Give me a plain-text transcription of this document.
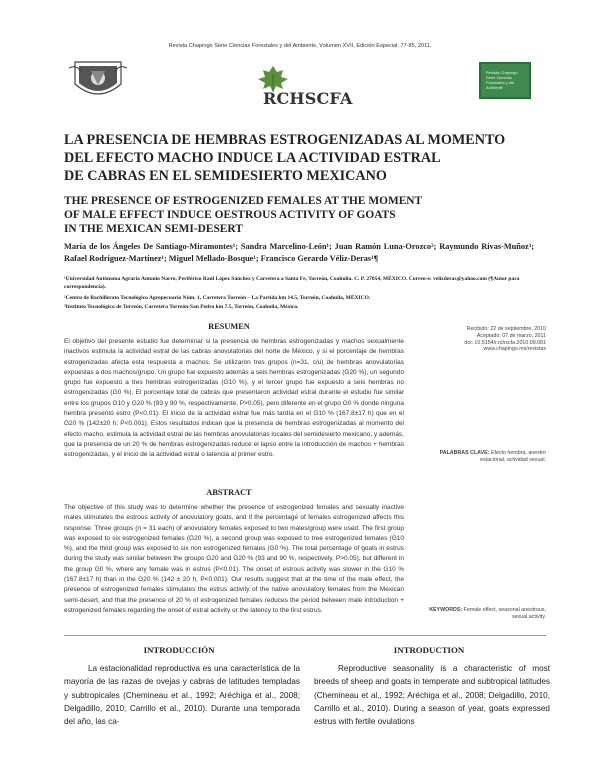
Revista Chapingo Serie Ciencias Forestales y del Ambiente, Volumen XVII, Edición Especial: 77-85, 2011.
RCHSCFA
Revista Chapingo
Serie Ciencias
Forestales y del Ambiente
LA PRESENCIA DE HEMBRAS ESTROGENIZADAS AL MOMENTO
DEL EFECTO MACHO INDUCE LA ACTIVIDAD ESTRAL
DE CABRAS EN EL SEMIDESIERTO MEXICANO
THE PRESENCE OF ESTROGENIZED FEMALES AT THE MOMENT
OF MALE EFFECT INDUCE OESTROUS ACTIVITY OF GOATS
IN THE MEXICAN SEMI-DESERT
María de los Ángeles De Santiago-Miramontes¹; Sandra Marcelino-León¹; Juan Ramón Luna-Orozco²; Raymundo Rivas-Muñoz³; Rafael Rodríguez-Martínez¹; Miguel Mellado-Bosque¹; Francisco Gerardo Véliz-Deras¹¶
¹Universidad Autónoma Agraria Antonio Narro, Periférico Raúl López Sánchez y Carretera a Santa Fe, Torreón, Coahuila. C. P. 27054, MÉXICO. Correo-e: velizderas@yahoo.com (¶Autor para correspondencia).
²Centro de Bachillerato Tecnológico Agropecuario Núm. 1, Carretera Torreón – La Partida km 14.5, Torreón, Coahuila, MÉXICO.
³Instituto Tecnológico de Torreón, Carretera Torreón-San Pedro km 7.5, Torreón, Coahuila, México.
RESUMEN
El objetivo del presente estudio fue determinar si la presencia de hembras estrogenizadas y machos sexualmente inactivos estimula la actividad estral de las cabras anovulatorias del norte de México, y si el porcentaje de hembras estrogenizadas afecta esta respuesta a machos. Se utilizaron tres grupos (n=31, c/u) de hembras anovulatorias expuestas a dos machos/grupo. Un grupo fue expuesto además a seis hembras estrogenizadas (G20 %), un segundo grupo fue expuesto a tres hembras estrogenizadas (G10 %), y el tercer grupo fue expuesto a seis hembras no estrogenizadas (G0 %). El porcentaje total de cabras que presentaron actividad estral durante el estudio fue similar entre los grupos G10 y G20 % (93 y 90 %, respectivamente, P>0.05), pero diferente en el grupo G0 % donde ninguna hembra presentó estro (P<0.01). El inicio de la actividad estral fue más tardía en el G10 % (167.8±17 h) que en el G20 % (142±20 h; P<0.001). Estos resultados indican que la presencia de hembras estrogenizadas al momento del efecto macho, estimula la actividad estral de las hembras anovulatorias locales del semidesierto mexicano, y además, que la presencia de un 20 % de hembras estrogenizadas reduce el lapso entre la introducción de machos + hembras estrogenizadas, y el inicio de la actividad estral o latencia al primer estro.
Recibido: 22 de septiembre, 2010
Aceptado: 07 de marzo, 2011
doi: 10.5154/r.rchscfa.2010.09.081
www.chapingo.mx/revistas
PALABRAS CLAVE: Efecto hembra, anestro estacional, actividad sexual.
ABSTRACT
The objective of this study was to determine whether the presence of estrogenized females and sexually inactive males stimulates the estrous activity of anovulatory goats, and if the percentage of females estrogenized affects this response. Three groups (n = 31 each) of anovulatory females exposed to two males/group were used. The first group was exposed to six estrogenized females (G20 %), a second group was exposed to tree estrogenized females (G10 %), and the third group was exposed to six non estrogenized females (G0 %). The total percentage of goats in estrus during the study was similar between the groups G20 and G20 % (93 and 90 %, respectively, P>0.05), but different in the group G0 %, where any female was in estrus (P<0.01). The onset of estrous activity was slower in the G10 % (167.8±17 h) than in the G20 % (142 ± 20 h, P<0.001). Our results suggest that at the time of the male effect, the presence of estrogenized females stimulates the estrus activity of the native anovulatory females from the Mexican semi-desert, and that the presence of 20 % of estrogenized females reduces the period between male introduction + estrogenized females regarding the onset of estral activity or the latency to the first estrus.	KEYWORDS: Female effect, seasonal anestrous, sexual activity.
INTRODUCCIÓN	INTRODUCTION
La estacionalidad reproductiva es una característica de la mayoría de las razas de ovejas y cabras de latitudes templadas y subtropicales (Chemineau et al., 1992; Aréchiga et al., 2008; Delgadillo, 2010; Carrillo et al., 2010). Durante una temporada del año, las ca-
Reproductive seasonality is a characteristic of most breeds of sheep and goats in temperate and subtropical latitudes (Chemineau et al., 1992; Aréchiga et al., 2008; Delgadillo, 2010, Carrillo et al., 2010). During a season of year, goats expressed estrus with fertile ovulations
